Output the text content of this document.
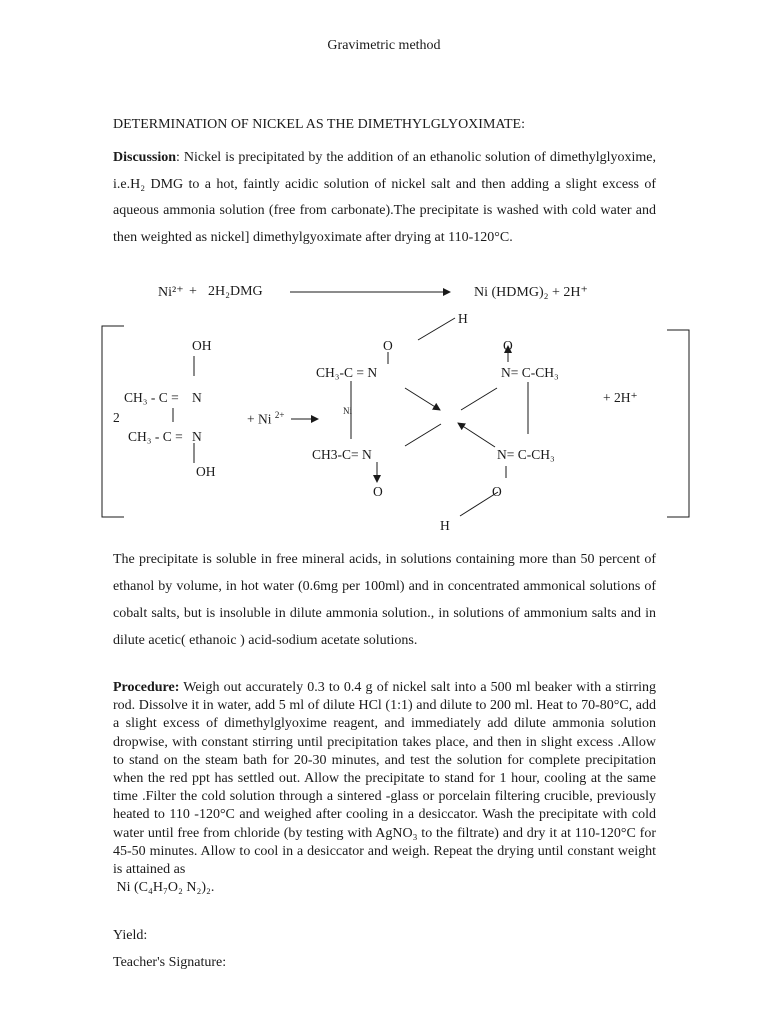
Gravimetric method
DETERMINATION OF NICKEL AS THE DIMETHYLGLYOXIMATE:
Discussion: Nickel is precipitated by the addition of an ethanolic solution of dimethylglyoxime, i.e.H₂ DMG to a hot, faintly acidic solution of nickel salt and then adding a slight excess of aqueous ammonia solution (free from carbonate).The precipitate is washed with cold water and then weighted as nickel] dimethylgyoximate after drying at 110-120°C.
Ni²⁺ + 2H₂DMG	Ni (HDMG)₂ + 2H⁺
OH
CH₃ - C = N
2
CH₃ - C = N
OH
+ Ni $^{2+}$
O
CH₃-C = N
Ni
CH3-C= N
O
H
O
N= C-CH₃
N= C-CH₃
O
H
+ 2H⁺
The precipitate is soluble in free mineral acids, in solutions containing more than 50 percent of ethanol by volume, in hot water (0.6mg per 100ml) and in concentrated ammonical solutions of cobalt salts, but is insoluble in dilute ammonia solution., in solutions of ammonium salts and in dilute acetic( ethanoic ) acid-sodium acetate solutions.
Procedure: Weigh out accurately 0.3 to 0.4 g of nickel salt into a 500 ml beaker with a stirring rod. Dissolve it in water, add 5 ml of dilute HCl (1:1) and dilute to 200 ml. Heat to 70-80°C, add a slight excess of dimethylglyoxime reagent, and immediately add dilute ammonia solution dropwise, with constant stirring until precipitation takes place, and then in slight excess .Allow to stand on the steam bath for 20-30 minutes, and test the solution for complete precipitation when the red ppt has settled out. Allow the precipitate to stand for 1 hour, cooling at the same time .Filter the cold solution through a sintered -glass or porcelain filtering crucible, previously heated to 110 -120°C and weighed after cooling in a desiccator. Wash the precipitate with cold water until free from chloride (by testing with AgNO₃ to the filtrate) and dry it at 110-120°C for 45-50 minutes. Allow to cool in a desiccator and weigh. Repeat the drying until constant weight is attained as
Ni (C₄H₇O₂ N₂)₂.
Yield:
Teacher's Signature:
